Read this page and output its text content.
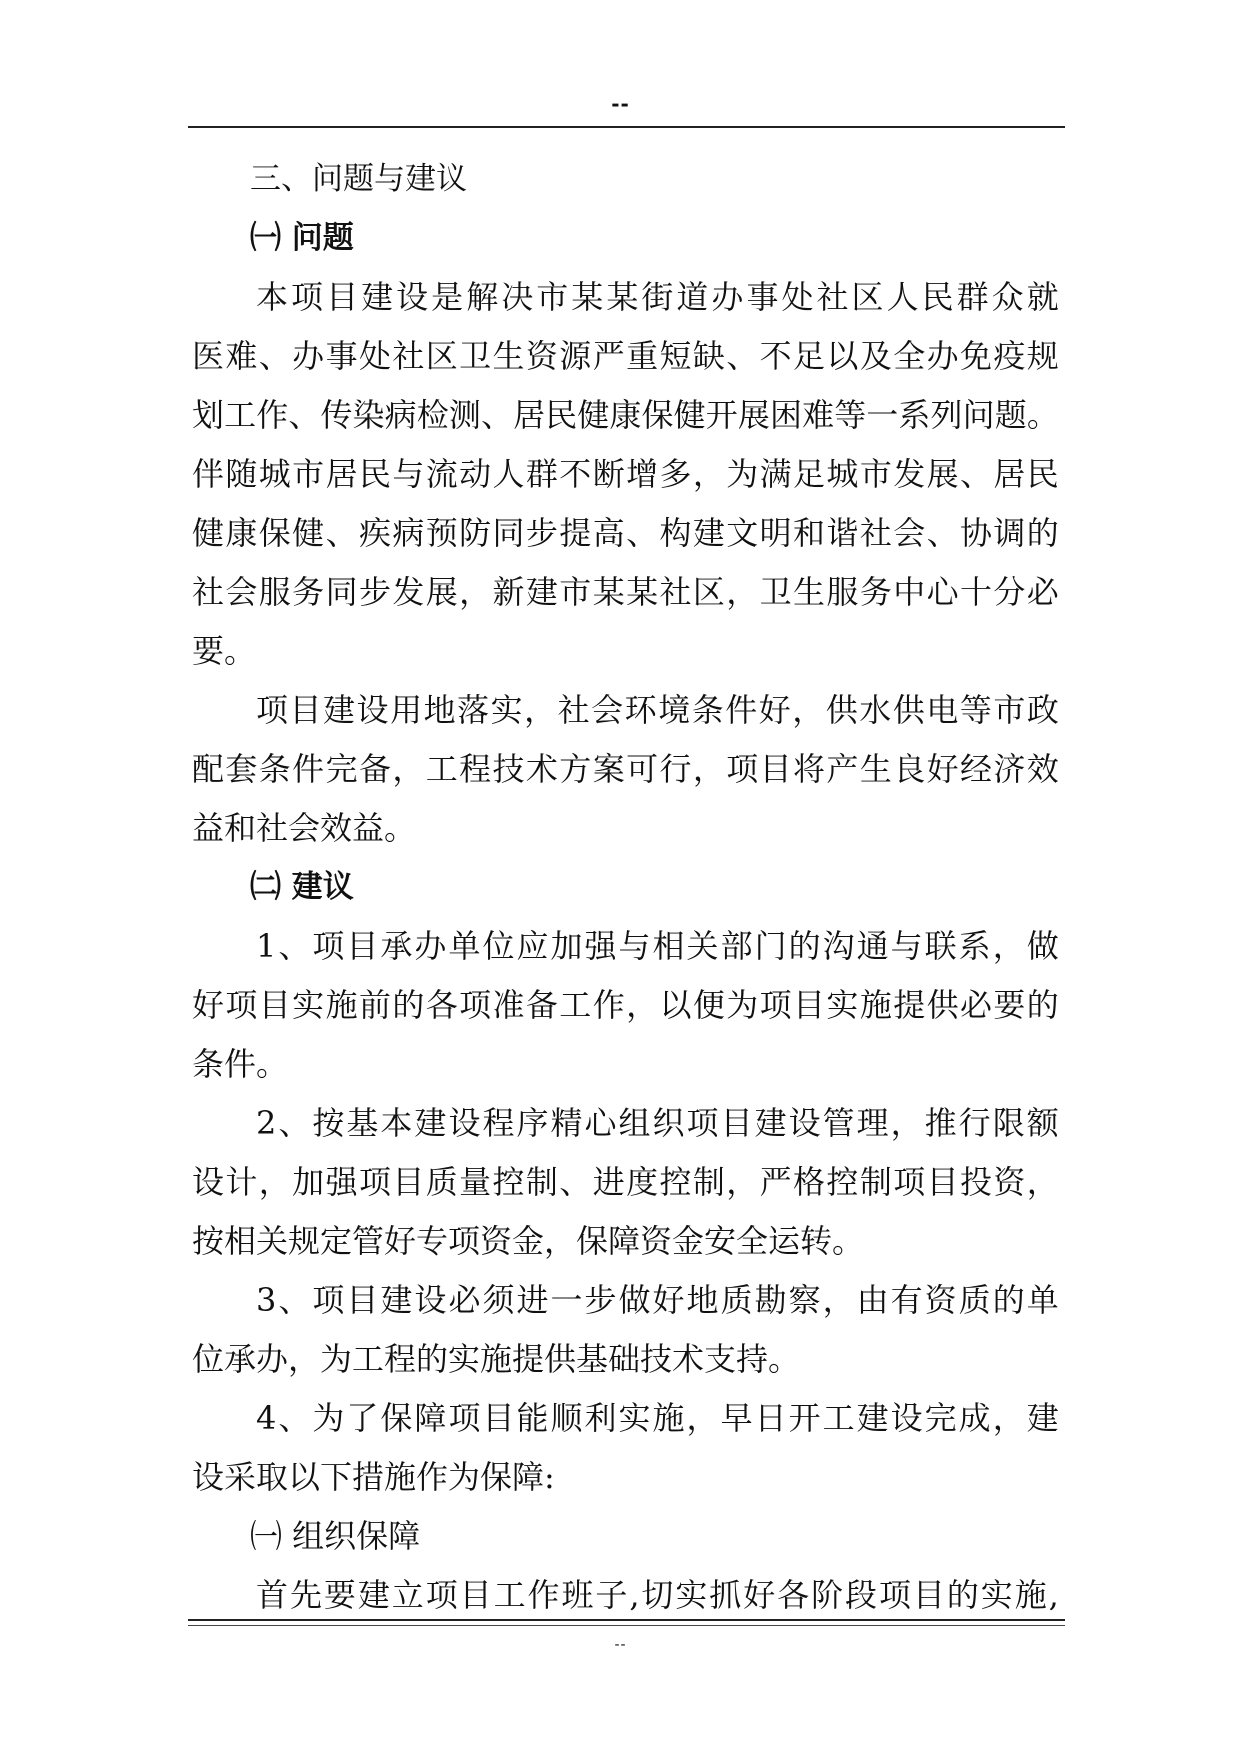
--
三、问题与建议
㈠ 问题
本 项 目 建 设 是 解 决 市 某 某 街 道 办 事 处 社 区 人 民 群 众 就
医 难 、 办 事 处 社 区 卫 生 资 源 严 重 短 缺 、 不 足 以 及 全 办 免 疫 规
划 工 作 、 传 染 病 检 测 、 居 民 健 康 保 健 开 展 困 难 等 一 系 列 问 题 。
伴 随 城 市 居 民 与 流 动 人 群 不 断 增 多 ， 为 满 足 城 市 发 展 、 居 民
健 康 保 健 、 疾 病 预 防 同 步 提 高 、 构 建 文 明 和 谐 社 会 、 协 调 的
社 会 服 务 同 步 发 展 ， 新 建 市 某 某 社 区 ， 卫 生 服 务 中 心 十 分 必
要。
项 目 建 设 用 地 落 实 ， 社 会 环 境 条 件 好 ， 供 水 供 电 等 市 政
配 套 条 件 完 备 ， 工 程 技 术 方 案 可 行 ， 项 目 将 产 生 良 好 经 济 效
益和社会效益。
㈡ 建议
1 、 项 目 承 办 单 位 应 加 强 与 相 关 部 门 的 沟 通 与 联 系 ， 做
好 项 目 实 施 前 的 各 项 准 备 工 作 ， 以 便 为 项 目 实 施 提 供 必 要 的
条件。
2 、 按 基 本 建 设 程 序 精 心 组 织 项 目 建 设 管 理 ， 推 行 限 额
设 计 ， 加 强 项 目 质 量 控 制 、 进 度 控 制 ， 严 格 控 制 项 目 投 资 ，
按相关规定管好专项资金，保障资金安全运转。
3 、 项 目 建 设 必 须 进 一 步 做 好 地 质 勘 察 ， 由 有 资 质 的 单
位承办，为工程的实施提供基础技术支持。
4 、 为 了 保 障 项 目 能 顺 利 实 施 ， 早 日 开 工 建 设 完 成 ， 建
设采取以下措施作为保障:
㈠ 组织保障
首 先 要 建 立 项 目 工 作 班 子 , 切 实 抓 好 各 阶 段 项 目 的 实 施 ,
--
